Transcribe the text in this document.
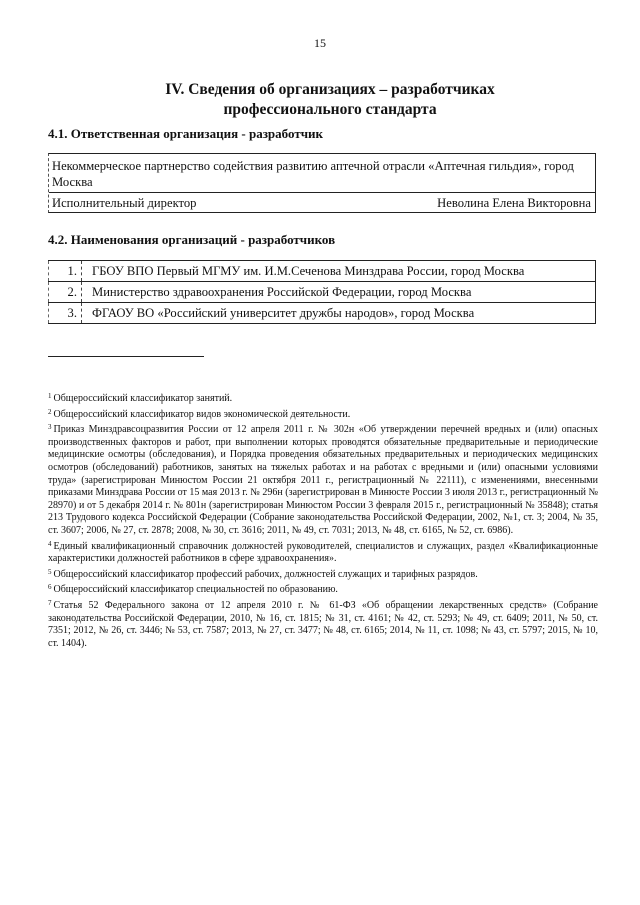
15
IV. Сведения об организациях – разработчиках
профессионального стандарта
4.1. Ответственная организация - разработчик
Некоммерческое партнерство содействия развитию аптечной отрасли «Аптечная гильдия», город Москва
Исполнительный директор	Неволина Елена Викторовна
4.2. Наименования организаций - разработчиков
1.	ГБОУ ВПО Первый МГМУ им. И.М.Сеченова Минздрава России, город Москва
2.	Министерство здравоохранения Российской Федерации, город Москва
3.	ФГАОУ ВО «Российский университет дружбы народов», город Москва

$^1$ Общероссийский классификатор занятий.

$^2$ Общероссийский классификатор видов экономической деятельности.

$^3$ Приказ Минздравсоцразвития России от 12 апреля 2011 г. № 302н «Об утверждении перечней вредных и (или) опасных производственных факторов и работ, при выполнении которых проводятся обязательные предварительные и периодические медицинские осмотры (обследования), и Порядка проведения обязательных предварительных и периодических медицинских осмотров (обследований) работников, занятых на тяжелых работах и на работах с вредными и (или) опасными условиями труда» (зарегистрирован Минюстом России 21 октября 2011 г., регистрационный № 22111), с изменениями, внесенными приказами Минздрава России от 15 мая 2013 г. № 296н (зарегистрирован в Минюсте России 3 июля 2013 г., регистрационный № 28970) и от 5 декабря 2014 г. № 801н (зарегистрирован Минюстом России 3 февраля 2015 г., регистрационный № 35848); статья 213 Трудового кодекса Российской Федерации (Собрание законодательства Российской Федерации, 2002, №1, ст. 3; 2004, № 35, ст. 3607; 2006, № 27, ст. 2878; 2008, № 30, ст. 3616; 2011, № 49, ст. 7031; 2013, № 48, ст. 6165, № 52, ст. 6986).

$^4$ Единый квалификационный справочник должностей руководителей, специалистов и служащих, раздел «Квалификационные характеристики должностей работников в сфере здравоохранения».

$^5$ Общероссийский классификатор профессий рабочих, должностей служащих и тарифных разрядов.

$^6$ Общероссийский классификатор специальностей по образованию.

$^7$ Статья 52 Федерального закона от 12 апреля 2010 г. № 61-ФЗ «Об обращении лекарственных средств» (Собрание законодательства Российской Федерации, 2010, № 16, ст. 1815; № 31, ст. 4161; № 42, ст. 5293; № 49, ст. 6409; 2011, № 50, ст. 7351; 2012, № 26, ст. 3446; № 53, ст. 7587; 2013, № 27, ст. 3477; № 48, ст. 6165; 2014, № 11, ст. 1098; № 43, ст. 5797; 2015, № 10, ст. 1404).
